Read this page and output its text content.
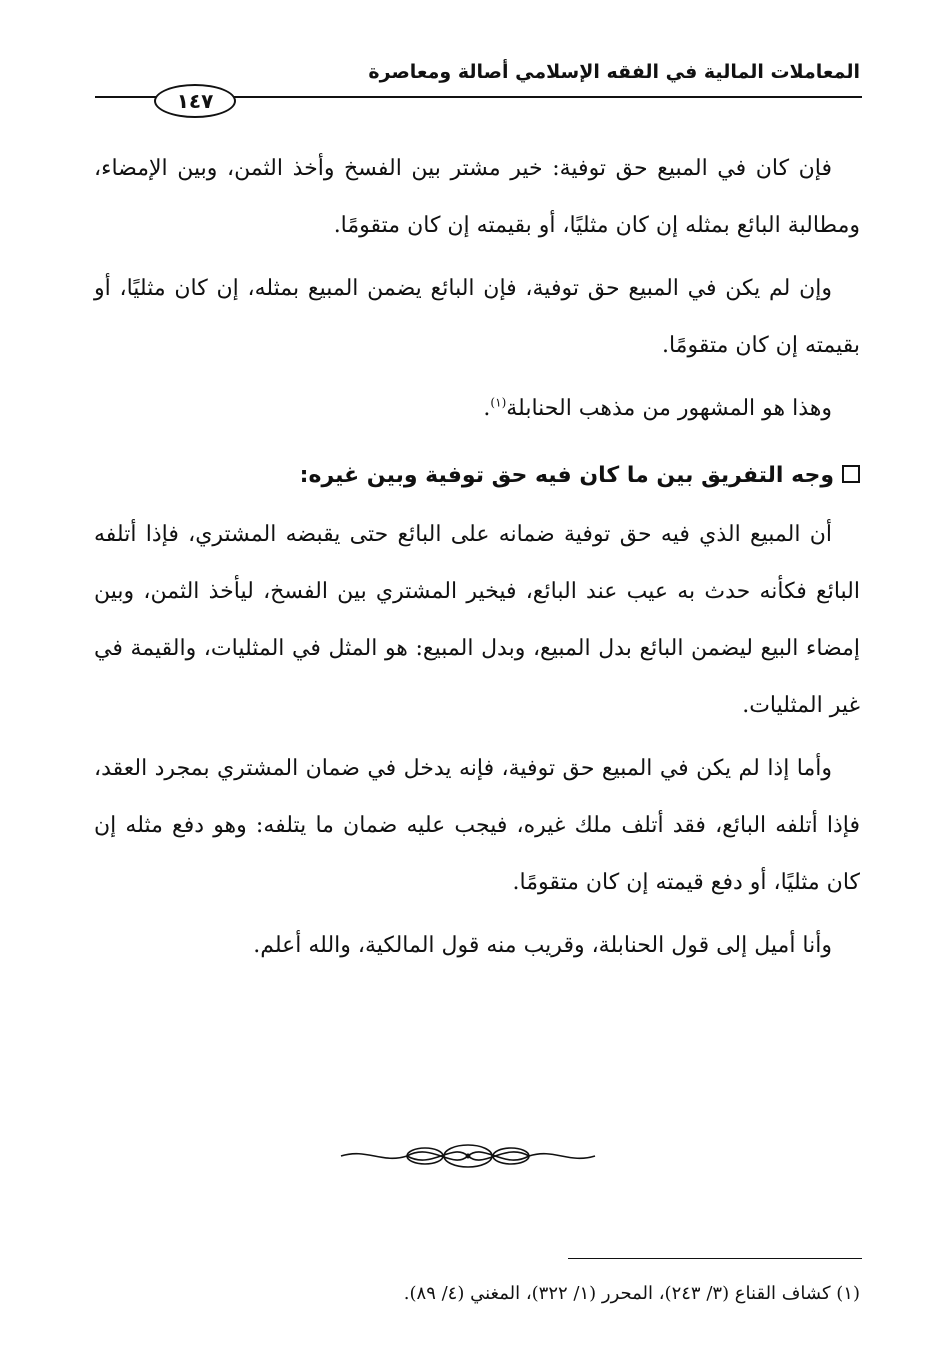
المعاملات المالية في الفقه الإسلامي أصالة ومعاصرة
١٤٧

فإن كان في المبيع حق توفية: خير مشتر بين الفسخ وأخذ الثمن، وبين الإمضاء، ومطالبة البائع بمثله إن كان مثليًا، أو بقيمته إن كان متقومًا.

وإن لم يكن في المبيع حق توفية، فإن البائع يضمن المبيع بمثله، إن كان مثليًا، أو بقيمته إن كان متقومًا.

وهذا هو المشهور من مذهب الحنابلة$^{(١)}$.

وجه التفريق بين ما كان فيه حق توفية وبين غيره:

أن المبيع الذي فيه حق توفية ضمانه على البائع حتى يقبضه المشتري، فإذا أتلفه البائع فكأنه حدث به عيب عند البائع، فيخير المشتري بين الفسخ، ليأخذ الثمن، وبين إمضاء البيع ليضمن البائع بدل المبيع، وبدل المبيع: هو المثل في المثليات، والقيمة في غير المثليات.

وأما إذا لم يكن في المبيع حق توفية، فإنه يدخل في ضمان المشتري بمجرد العقد، فإذا أتلفه البائع، فقد أتلف ملك غيره، فيجب عليه ضمان ما يتلفه: وهو دفع مثله إن كان مثليًا، أو دفع قيمته إن كان متقومًا.

وأنا أميل إلى قول الحنابلة، وقريب منه قول المالكية، والله أعلم.

(١) كشاف القناع (٣/ ٢٤٣)، المحرر (١/ ٣٢٢)، المغني (٤/ ٨٩).
